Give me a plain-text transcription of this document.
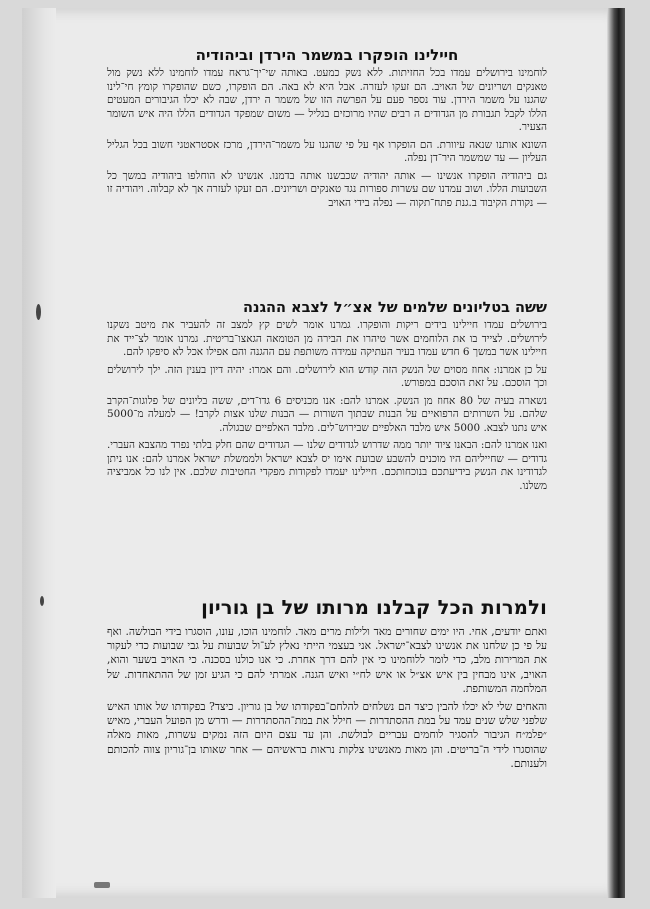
חיילינו הופקרו במשמר הירדן וביהודיה

לוחמינו בירושלים עמדו בכל החזיתות. ללא נשק כמעט. באותה שי־יך־גראח עמדו לוחמינו ללא נשק מול טאנקים ושריונים של האויב. הם זעקו לעזרה. אבל היא לא באה. הם הופקרו, כשם שהופקרו קומץ חי־לינו שהגנו על משמר הירדן. עוד נספר פעם על הפרשה הזו של משמר ה ירדן, שבה לא יכלו הגיבורים המעטים הללו לקבל תגבורת מן הגדודים ה רבים שהיו מרוכזים בגליל — משום שמפקד הגדודים הללו היה איש השומר הצעיר.

השונא אותנו שנאה עיוורת. הם הופקרו אף על פי שהגנו על משמר־הירדן, מרכז אסטראטגי חשוב בכל הגליל העליון — עד שמשמר היר־דן נפלה.

גם ביהודיה הופקרו אנשינו — אותה יהודיה שכבשנו אותה בדמנו. אנשינו לא הוחלפו ביהודיה במשך כל השבועות הללו. ושוב עמדנו שם עשרות ספורות נגד טאנקים ושריונים. הם זעקו לעזרה אך לא קבלוה. ויהודיה זו — נקודת הקיבוד ב.גנת פתח־תקוה — נפלה בידי האויב

ששה בטליונים שלמים של אצ״ל לצבא ההגנה

בירושלים עמדו חיילינו בידים ריקות והופקרו. גמרנו אומר לשים קץ למצב זה להעביר את מיטב נשקנו לירושלים. לצייד בו את הלוחמים אשר טיהרו את הבירה מן הטומאה הגאצו־בריטית. גמרנו אומר לצ־ייד את חיילינו אשר במשך 6 חדש עמדו בעיר העתיקה עמידה משותפת עם ההגנה והם אפילו אכל לא סיפקו להם.

על כן אמרנו: אחוז מסוים של הנשק הזה קודש הוא לירושלים. והם אמרו: יהיה דיון בענין הזה. ילך לירושלים וכך הוסכם. על זאת הוסכם במפורש.

נשארה בעיה של 80 אחוז מן הנשק. אמרנו להם: אנו מכניסים 6 גדו־דים, ששה בליונים של פלוגות־הקרב שלהם. על השרותים הרפואיים על הבנות שבתוך השורות — הבנות שלנו אצות לקרב! — למעלה מ־5000 איש נתנו לצבא. 5000 איש מלבד האלפיים שבירוש־לים. מלבד האלפיים שבגולה.

ואנו אמרנו להם: הבאנו ציוד יותר ממה שדרוש לגדודים שלנו — הגדודים שהם חלק בלתי נפרד מהצבא העברי. גדודים — שחייליהם היו מוכנים להשבע שבועת אימו יס לצבא ישראל ולממשלת ישראל אמרנו להם: אנו ניתן לגדודינו את הנשק בידיעתכם בנוכחותכם. חיילינו יעמדו לפקודות מפקדי החטיבות שלכם. אין לנו כל אמביציה משלנו.

ולמרות הכל קבלנו מרותו של בן גוריון

ואתם יודעים, אחי. היו ימים שחורים מאד ולילות מרים מאד. לוחמינו הוכו, עונו, הוסגרו בידי הבולשה. ואף על פי כן שלחנו את אנשינו לצבא־ישראל. אני בעצמי הייתי נאלץ לע־ול שבועות על גבי שבועות כדי לעקור את המרירות מלב, כדי לומר ללוחמינו כי אין להם דרך אחרת. כי אנו כולנו בסכנה. כי האויב בשער והוא, האויב, אינו מבחין בין איש אצ״ל או איש לח״י ואיש הגנה. אמרתי להם כי הגיע זמן של ההתאחדות. של המלחמה המשותפת.

והאחים שלי לא יכלו להבין כיצד הם נשלחים להלחם־בפקודתו של בן גוריון. כיצד? בפקודתו של אותו האיש שלפני שלש שנים עמד על במת ההסתדרות — חילל את במת־ההסתדרות — ודרש מן הפועל העברי, מאיש ״פלמ״ח הגיבור להסגיר לוחמים עבריים לבולשת. והן עד עצם היום הזה נמקים עשרות, מאות מאלה שהוסגרו לידי ה־בריטים. והן מאות מאנשינו צלקות נראות בראשיהם — אחר שאותו בן־גוריון צווה להכותם ולענותם.
